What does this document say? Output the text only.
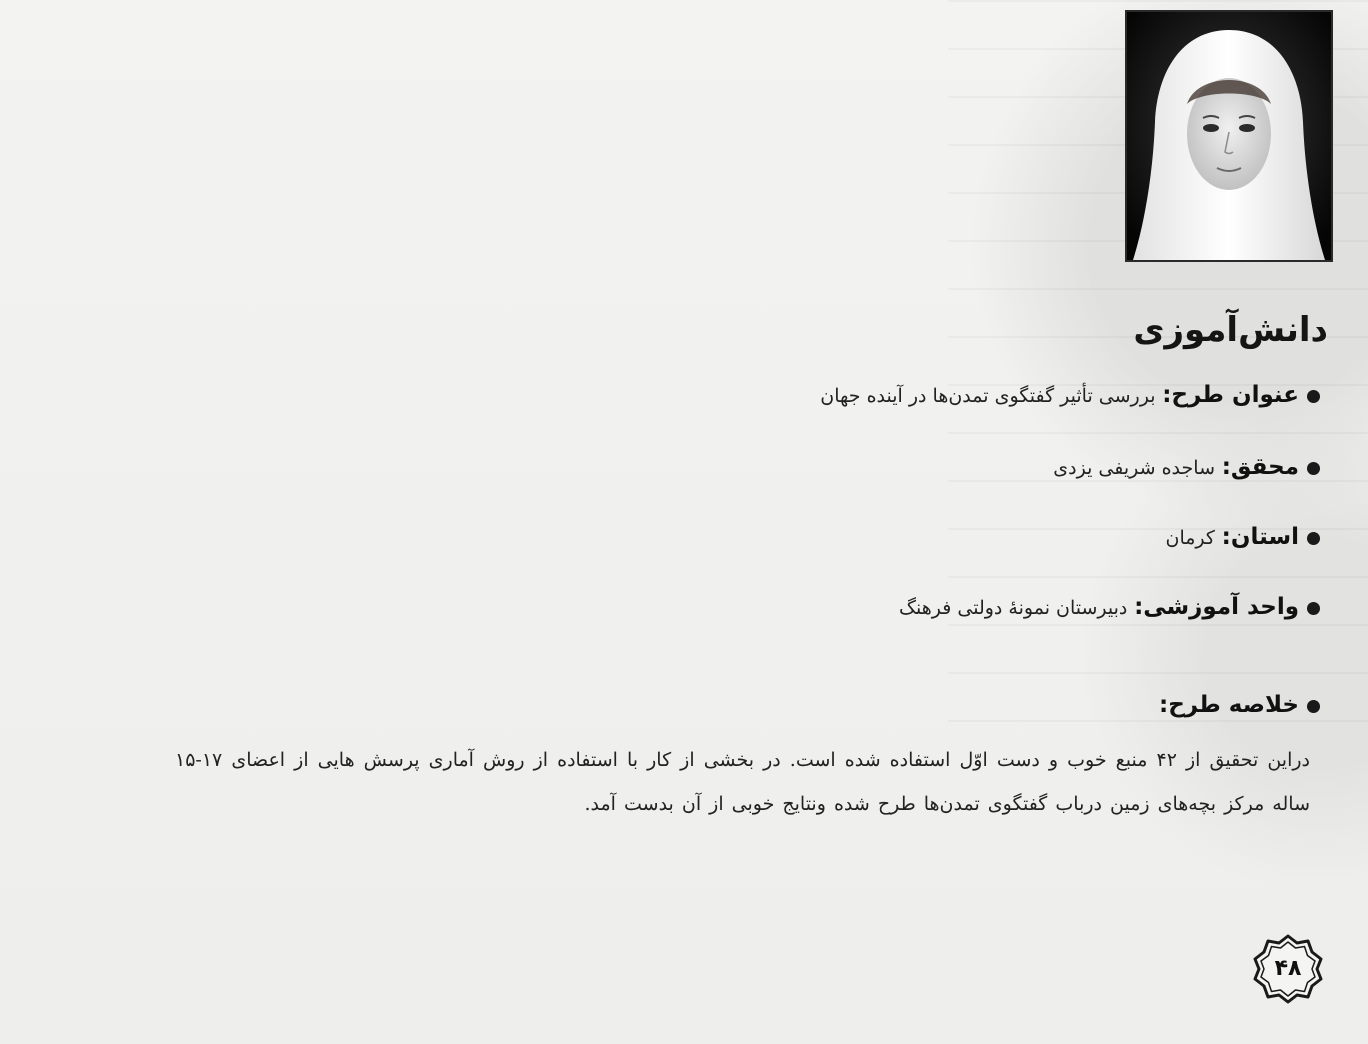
دانش‌آموزی
عنوان طرح: بررسی تأثیر گفتگوی تمدن‌ها در آینده جهان
محقق: ساجده شریفی یزدی
استان: کرمان
واحد آموزشی: دبیرستان نمونهٔ دولتی فرهنگ
خلاصه طرح:
دراین تحقیق از ۴۲ منبع خوب و دست اوّل استفاده شده است. در بخشی از کار با استفاده از روش آماری پرسش هایی از اعضای ۱۷-۱۵ ساله مرکز بچه‌های زمین درباب گفتگوی تمدن‌ها طرح شده ونتایج خوبی از آن بدست آمد.
۴۸
